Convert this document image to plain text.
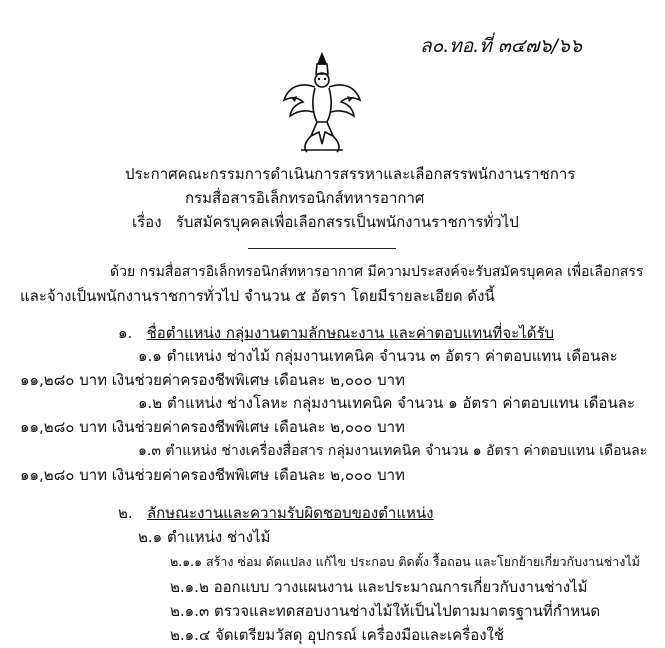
ล๐.ทอ.ที่ ๓๔๗๖/๖๖
ประกาศคณะกรรมการดำเนินการสรรหาและเลือกสรรพนักงานราชการ
กรมสื่อสารอิเล็กทรอนิกส์ทหารอากาศ
เรื่อง รับสมัครบุคคลเพื่อเลือกสรรเป็นพนักงานราชการทั่วไป
ด้วย กรมสื่อสารอิเล็กทรอนิกส์ทหารอากาศ มีความประสงค์จะรับสมัครบุคคล เพื่อเลือกสรร
และจ้างเป็นพนักงานราชการทั่วไป จำนวน ๕ อัตรา โดยมีรายละเอียด ดังนี้
๑. ชื่อตำแหน่ง กลุ่มงานตามลักษณะงาน และค่าตอบแทนที่จะได้รับ
๑.๑ ตำแหน่ง ช่างไม้ กลุ่มงานเทคนิค จำนวน ๓ อัตรา ค่าตอบแทน เดือนละ
๑๑,๒๘๐ บาท เงินช่วยค่าครองชีพพิเศษ เดือนละ ๒,๐๐๐ บาท
๑.๒ ตำแหน่ง ช่างโลหะ กลุ่มงานเทคนิค จำนวน ๑ อัตรา ค่าตอบแทน เดือนละ
๑๑,๒๘๐ บาท เงินช่วยค่าครองชีพพิเศษ เดือนละ ๒,๐๐๐ บาท
๑.๓ ตำแหน่ง ช่างเครื่องสื่อสาร กลุ่มงานเทคนิค จำนวน ๑ อัตรา ค่าตอบแทน เดือนละ
๑๑,๒๘๐ บาท เงินช่วยค่าครองชีพพิเศษ เดือนละ ๒,๐๐๐ บาท
๒. ลักษณะงานและความรับผิดชอบของตำแหน่ง
๒.๑ ตำแหน่ง ช่างไม้
๒.๑.๑ สร้าง ซ่อม ดัดแปลง แก้ไข ประกอบ ติดตั้ง รื้อถอน และโยกย้ายเกี่ยวกับงานช่างไม้
๒.๑.๒ ออกแบบ วางแผนงาน และประมาณการเกี่ยวกับงานช่างไม้
๒.๑.๓ ตรวจและทดสอบงานช่างไม้ให้เป็นไปตามมาตรฐานที่กำหนด
๒.๑.๔ จัดเตรียมวัสดุ อุปกรณ์ เครื่องมือและเครื่องใช้
